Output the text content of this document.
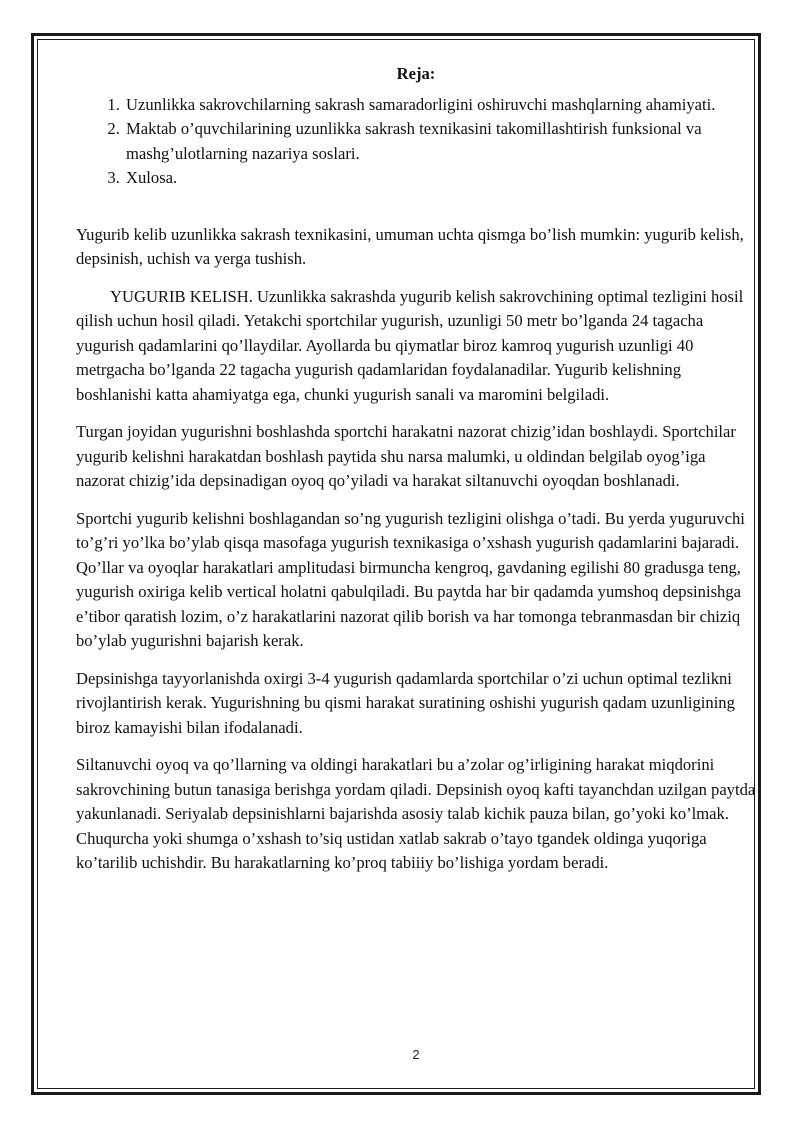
Reja:

1. Uzunlikka sakrovchilarning sakrash samaradorligini oshiruvchi mashqlarning ahamiyati.
2. Maktab o’quvchilarining uzunlikka sakrash texnikasini takomillashtirish funksional va mashg’ulotlarning nazariya soslari.
3. Xulosa.

Yugurib kelib uzunlikka sakrash texnikasini, umuman uchta qismga bo’lish mumkin: yugurib kelish, depsinish, uchish va yerga tushish.

YUGURIB KELISH. Uzunlikka sakrashda yugurib kelish sakrovchining optimal tezligini hosil qilish uchun hosil qiladi. Yetakchi sportchilar yugurish, uzunligi 50 metr bo’lganda 24 tagacha yugurish qadamlarini qo’llaydilar. Ayollarda bu qiymatlar biroz kamroq yugurish uzunligi 40 metrgacha bo’lganda 22 tagacha yugurish qadamlaridan foydalanadilar. Yugurib kelishning boshlanishi katta ahamiyatga ega, chunki yugurish sanali va maromini belgiladi.

Turgan joyidan yugurishni boshlashda sportchi harakatni nazorat chizig’idan boshlaydi. Sportchilar yugurib kelishni harakatdan boshlash paytida shu narsa malumki, u oldindan belgilab oyog’iga nazorat chizig’ida depsinadigan oyoq qo’yiladi va harakat siltanuvchi oyoqdan boshlanadi.

Sportchi yugurib kelishni boshlagandan so’ng yugurish tezligini olishga o’tadi. Bu yerda yuguruvchi to’g’ri yo’lka bo’ylab qisqa masofaga yugurish texnikasiga o’xshash yugurish qadamlarini bajaradi. Qo’llar va oyoqlar harakatlari amplitudasi birmuncha kengroq, gavdaning egilishi 80 gradusga teng, yugurish oxiriga kelib vertical holatni qabulqiladi. Bu paytda har bir qadamda yumshoq depsinishga e’tibor qaratish lozim, o’z harakatlarini nazorat qilib borish va har tomonga tebranmasdan bir chiziq bo’ylab yugurishni bajarish kerak.

Depsinishga tayyorlanishda oxirgi 3-4 yugurish qadamlarda sportchilar o’zi uchun optimal tezlikni rivojlantirish kerak. Yugurishning bu qismi harakat suratining oshishi yugurish qadam uzunligining biroz kamayishi bilan ifodalanadi.

Siltanuvchi oyoq va qo’llarning va oldingi harakatlari bu a’zolar og’irligining harakat miqdorini sakrovchining butun tanasiga berishga yordam qiladi. Depsinish oyoq kafti tayanchdan uzilgan paytda yakunlanadi. Seriyalab depsinishlarni bajarishda asosiy talab kichik pauza bilan, go’yoki ko’lmak. Chuqurcha yoki shumga o’xshash to’siq ustidan xatlab sakrab o’tayo tgandek oldinga yuqoriga ko’tarilib uchishdir. Bu harakatlarning ko’proq tabiiiy bo’lishiga yordam beradi.

2
